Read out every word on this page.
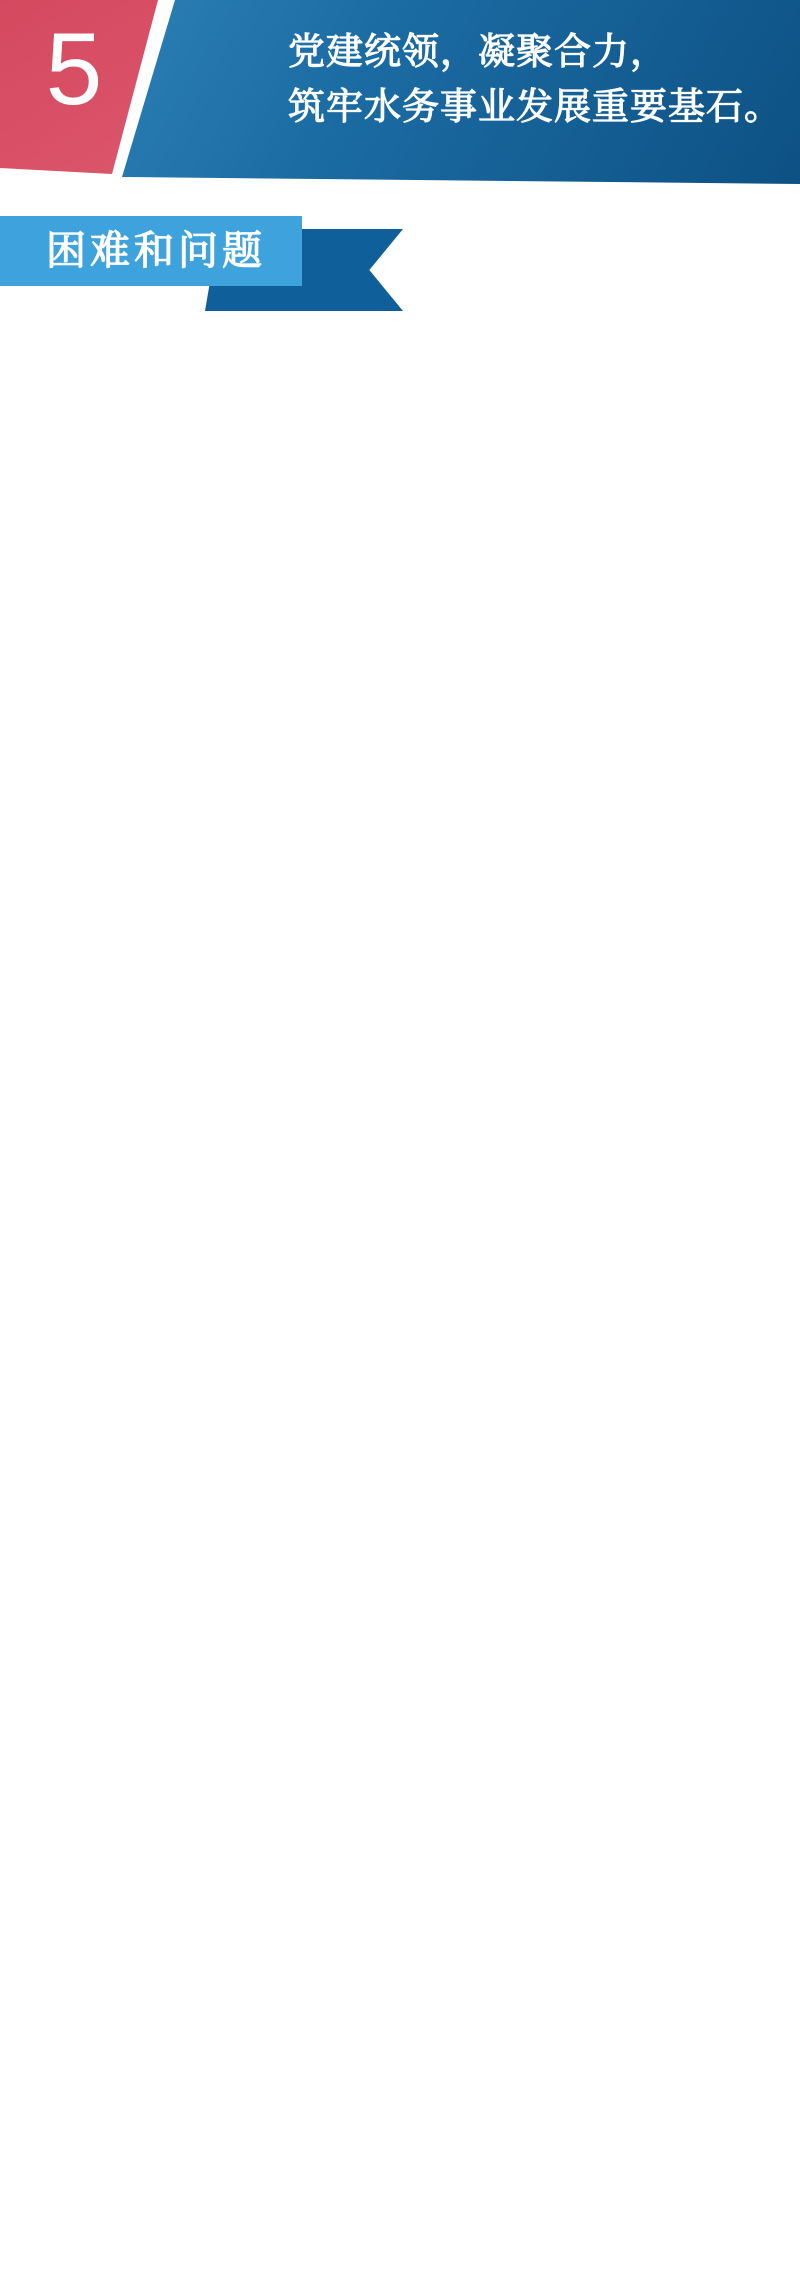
5	党建统领，凝聚合力，
筑牢水务事业发展重要基石。
困难和问题
